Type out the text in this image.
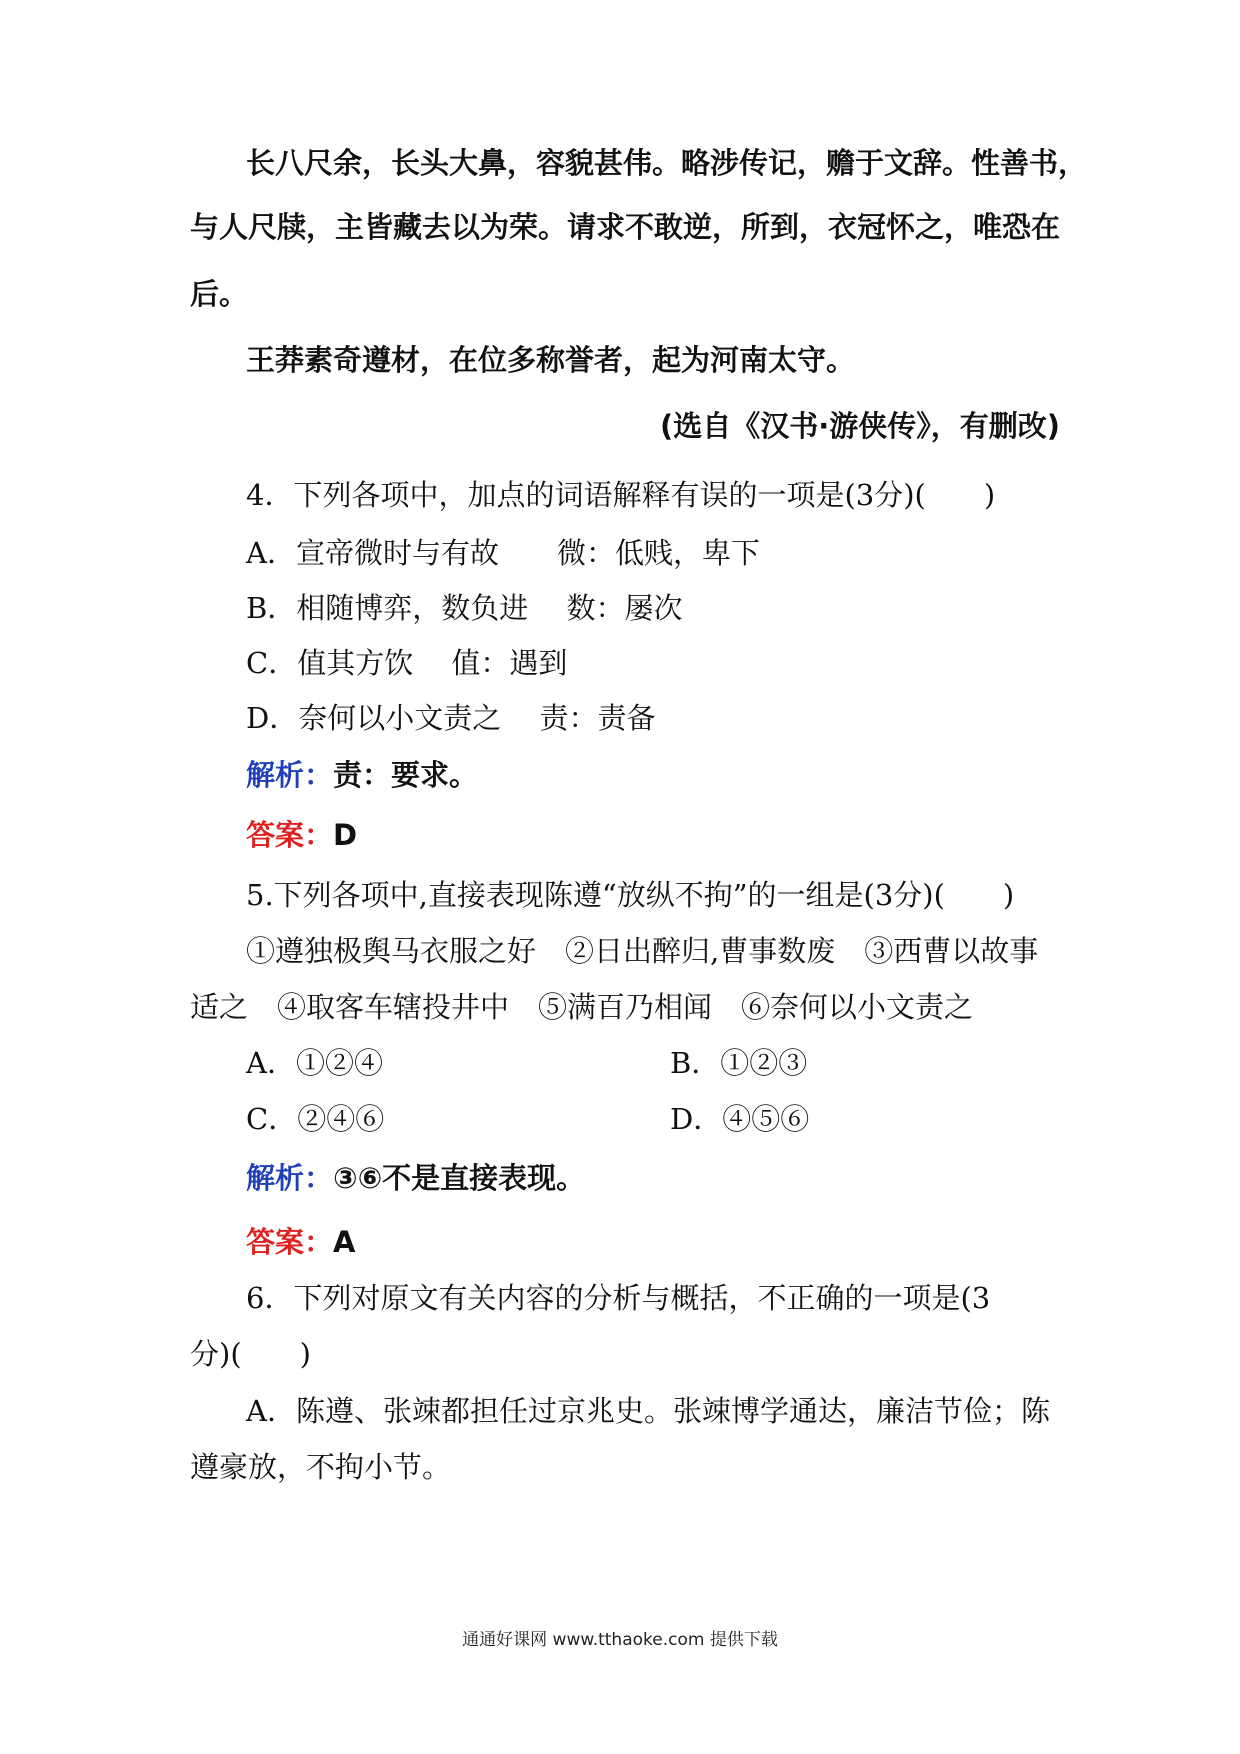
长八尺余，长头大鼻，容貌甚伟。略涉传记，赡于文辞。性善书，
与人尺牍，主皆藏去以为荣。请求不敢逆，所到，衣冠怀之，唯恐在
后。
王莽素奇遵材，在位多称誉者，起为河南太守。
(选自《汉书·游侠传》，有删改)
4．下列各项中，加点的词语解释有误的一项是(3分)(　　)
A．宣帝微时与有故　　微：低贱，卑下
B．相随博弈，数负进　 数：屡次
C．值其方饮　 值：遇到
D．奈何以小文责之　 责：责备
解析：责：要求。
答案：D
5.下列各项中,直接表现陈遵“放纵不拘”的一组是(3分)(　　)
①遵独极舆马衣服之好　②日出醉归,曹事数废　③西曹以故事
适之　④取客车辖投井中　⑤满百乃相闻　⑥奈何以小文责之
A．①②④	B．①②③
C．②④⑥	D．④⑤⑥
解析：③⑥不是直接表现。
答案：A
6．下列对原文有关内容的分析与概括，不正确的一项是(3
分)(　　)
A．陈遵、张竦都担任过京兆史。张竦博学通达，廉洁节俭；陈
遵豪放，不拘小节。
通通好课网 www.tthaoke.com 提供下载
